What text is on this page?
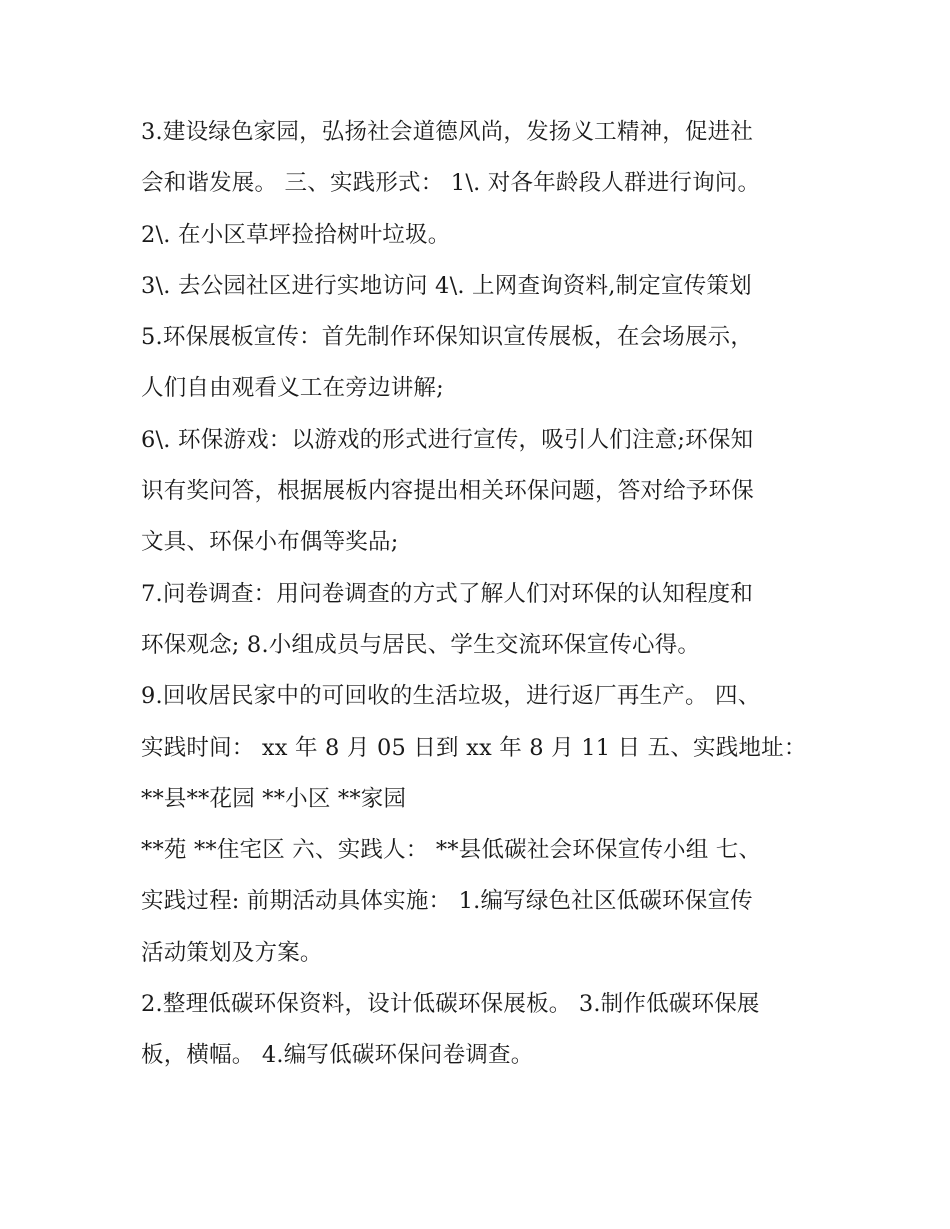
3.建设绿色家园，弘扬社会道德风尚，发扬义工精神，促进社
会和谐发展。 三、实践形式： 1\. 对各年龄段人群进行询问。
2\. 在小区草坪捡拾树叶垃圾。
3\. 去公园社区进行实地访问 4\. 上网查询资料,制定宣传策划
5.环保展板宣传：首先制作环保知识宣传展板，在会场展示，
人们自由观看义工在旁边讲解;
6\. 环保游戏：以游戏的形式进行宣传，吸引人们注意;环保知
识有奖问答，根据展板内容提出相关环保问题，答对给予环保
文具、环保小布偶等奖品;
7.问卷调查：用问卷调查的方式了解人们对环保的认知程度和
环保观念; 8.小组成员与居民、学生交流环保宣传心得。
9.回收居民家中的可回收的生活垃圾，进行返厂再生产。 四、
实践时间： xx 年 8 月 05 日到 xx 年 8 月 11 日 五、实践地址：
**县**花园 **小区 **家园
**苑 **住宅区 六、实践人： **县低碳社会环保宣传小组 七、
实践过程: 前期活动具体实施： 1.编写绿色社区低碳环保宣传
活动策划及方案。
2.整理低碳环保资料，设计低碳环保展板。 3.制作低碳环保展
板，横幅。 4.编写低碳环保问卷调查。
